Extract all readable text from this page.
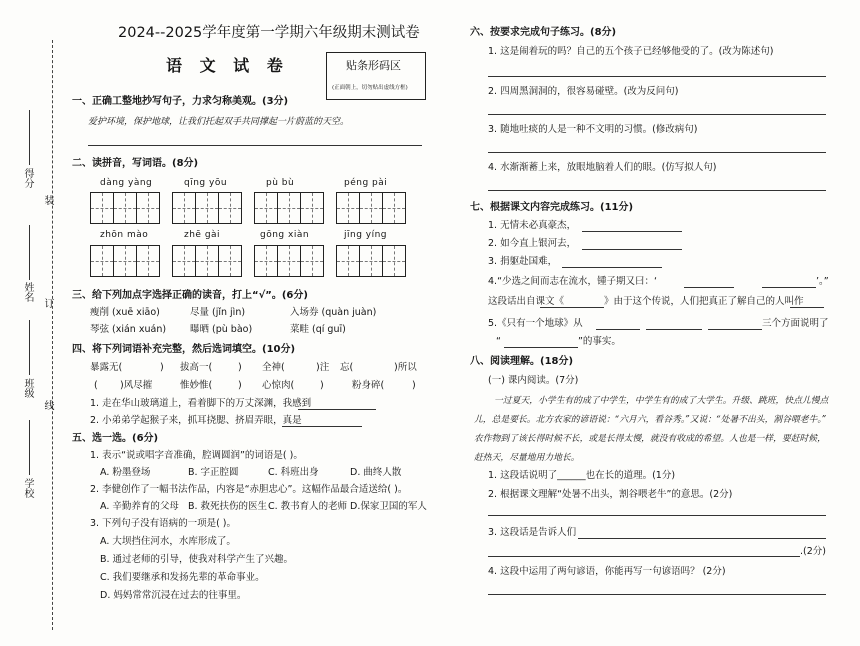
得分
装
姓名
订
班级
线
学校
2024--2025学年度第一学期六年级期末测试卷
语 文 试 卷	贴条形码区
(正面朝上，切勿贴出虚线方框)
一、正确工整地抄写句子，力求匀称美观。(3分)
爱护环境，保护地球，让我们托起双手共同撑起一片蔚蓝的天空。
二、读拼音，写词语。(8分)
dàng yàng	qīng yōu	pù bù	péng pài
zhōn mào	zhē gài	gōng xiàn	jīng yíng
三、给下列加点字选择正确的读音，打上“√”。(6分)
瘦削 (xuē xiāo)	尽量 (jǐn jìn)	入场券 (quàn juàn)
琴弦 (xián xuán)	曝晒 (pù bào)	菜畦 (qí guī)
四、将下列词语补充完整，然后选词填空。(10分)
暴露无(	) 拔高一(	) 全神(	)注 忘(	)所以
( )风尽摧	惟妙惟(	) 心惊肉(	)	粉身碎(	)
1. 走在华山玻璃道上，看着脚下的万丈深渊，我感到
2. 小弟弟学起猴子来，抓耳挠腮、挤眉弄眼，真是
五、选一选。(6分)
1. 表示“说或唱字音准确，腔调圆润”的词语是( )。
A. 粉墨登场	B. 字正腔圆	C. 科班出身	D. 曲终人散
2. 李健创作了一幅书法作品，内容是“赤胆忠心”。这幅作品最合适送给( )。
A. 辛勤养育的父母 B. 救死扶伤的医生 C. 教书育人的老师 D.保家卫国的军人
3. 下列句子没有语病的一项是( )。
A. 大坝挡住河水，水库形成了。
B. 通过老师的引导，使我对科学产生了兴趣。
C. 我们要继承和发扬先辈的革命事业。
D. 妈妈常常沉浸在过去的往事里。
六、按要求完成句子练习。(8分)
1. 这是闹着玩的吗？自己的五个孩子已经够他受的了。(改为陈述句)
2. 四周黑洞洞的，很容易碰壁。(改为反问句)
3. 随地吐痰的人是一种不文明的习惯。(修改病句)
4. 水渐渐蓄上来，放眼地脑着人们的眼。(仿写拟人句)
七、根据课文内容完成练习。(11分)
1. 无情未必真豪杰，
2. 如今直上银河去，
3. 捐躯赴国难，
4.“少选之间而志在流水，锺子期又曰：‘	’。”
这段话出自课文《	》由于这个传说，人们把真正了解自己的人叫作
5.《只有一个地球》从	三个方面说明了
“	”的事实。
八、阅读理解。(18分)
(一) 课内阅读。(7分)
一过夏天，小学生有的成了中学生，中学生有的成了大学生。升级、跳班，快点儿慢点
儿，总是要长。北方农家的谚语说：“六月六，看谷秀。”又说：“处暑不出头，割谷喂老牛。”
农作物到了该长得时候不长，或是长得太慢，就没有收成的希望。人也是一样，要赶时候，
赶热天，尽量地用力地长。
1. 这段话说明了______也在长的道理。(1分)
2. 根据课文理解“处暑不出头，割谷喂老牛”的意思。(2分)
3. 这段话是告诉人们
.(2分)
4. 这段中运用了两句谚语，你能再写一句谚语吗？ (2分)
